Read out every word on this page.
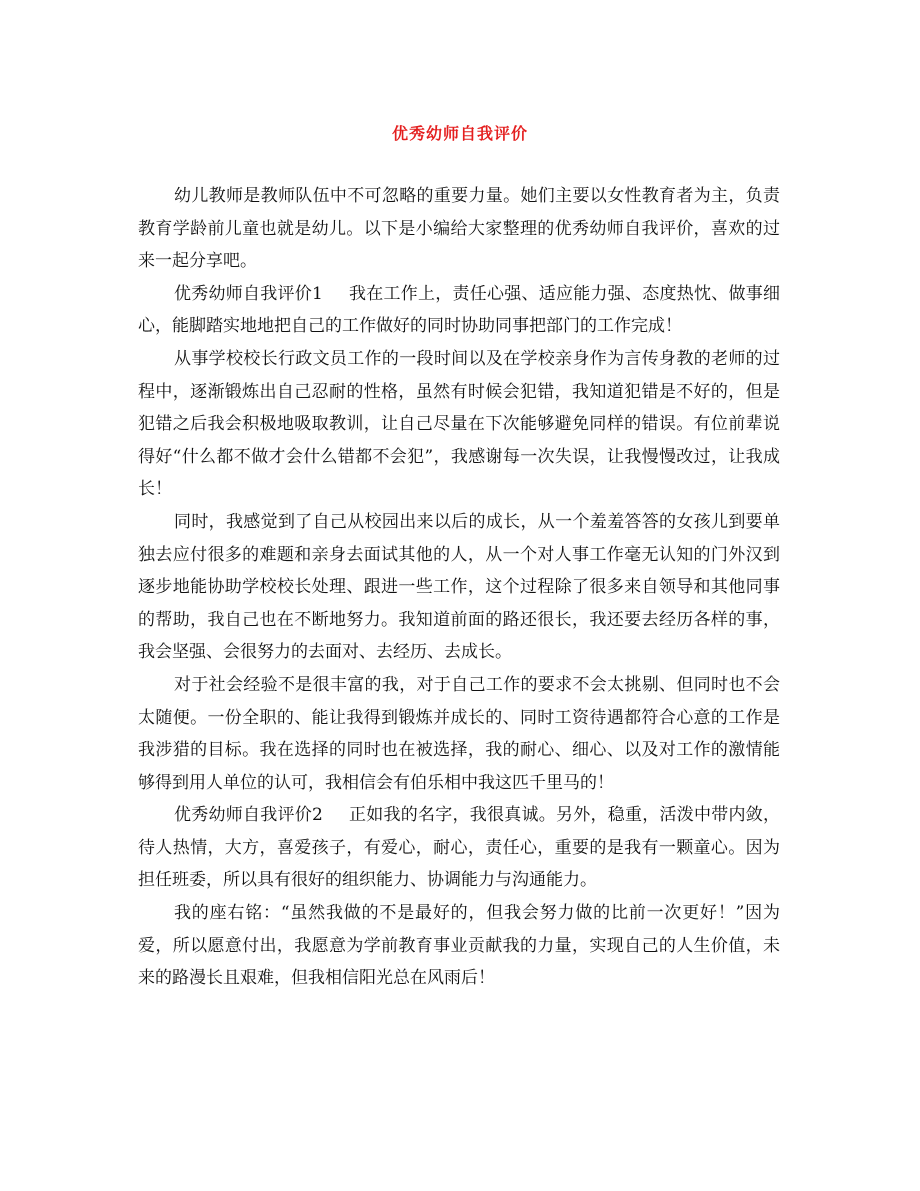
优秀幼师自我评价

幼儿教师是教师队伍中不可忽略的重要力量。她们主要以女性教育者为主，负责教育学龄前儿童也就是幼儿。以下是小编给大家整理的优秀幼师自我评价，喜欢的过来一起分享吧。

优秀幼师自我评价1 我在工作上，责任心强、适应能力强、态度热忱、做事细心，能脚踏实地地把自己的工作做好的同时协助同事把部门的工作完成！

从事学校校长行政文员工作的一段时间以及在学校亲身作为言传身教的老师的过程中，逐渐锻炼出自己忍耐的性格，虽然有时候会犯错，我知道犯错是不好的，但是犯错之后我会积极地吸取教训，让自己尽量在下次能够避免同样的错误。有位前辈说得好“什么都不做才会什么错都不会犯”，我感谢每一次失误，让我慢慢改过，让我成长！

同时，我感觉到了自己从校园出来以后的成长，从一个羞羞答答的女孩儿到要单独去应付很多的难题和亲身去面试其他的人，从一个对人事工作毫无认知的门外汉到逐步地能协助学校校长处理、跟进一些工作，这个过程除了很多来自领导和其他同事的帮助，我自己也在不断地努力。我知道前面的路还很长，我还要去经历各样的事，我会坚强、会很努力的去面对、去经历、去成长。

对于社会经验不是很丰富的我，对于自己工作的要求不会太挑剔、但同时也不会太随便。一份全职的、能让我得到锻炼并成长的、同时工资待遇都符合心意的工作是我涉猎的目标。我在选择的同时也在被选择，我的耐心、细心、以及对工作的激情能够得到用人单位的认可，我相信会有伯乐相中我这匹千里马的！

优秀幼师自我评价2 正如我的名字，我很真诚。另外，稳重，活泼中带内敛，待人热情，大方，喜爱孩子，有爱心，耐心，责任心，重要的是我有一颗童心。因为担任班委，所以具有很好的组织能力、协调能力与沟通能力。

我的座右铭：“虽然我做的不是最好的，但我会努力做的比前一次更好！”因为爱，所以愿意付出，我愿意为学前教育事业贡献我的力量，实现自己的人生价值，未来的路漫长且艰难，但我相信阳光总在风雨后！
